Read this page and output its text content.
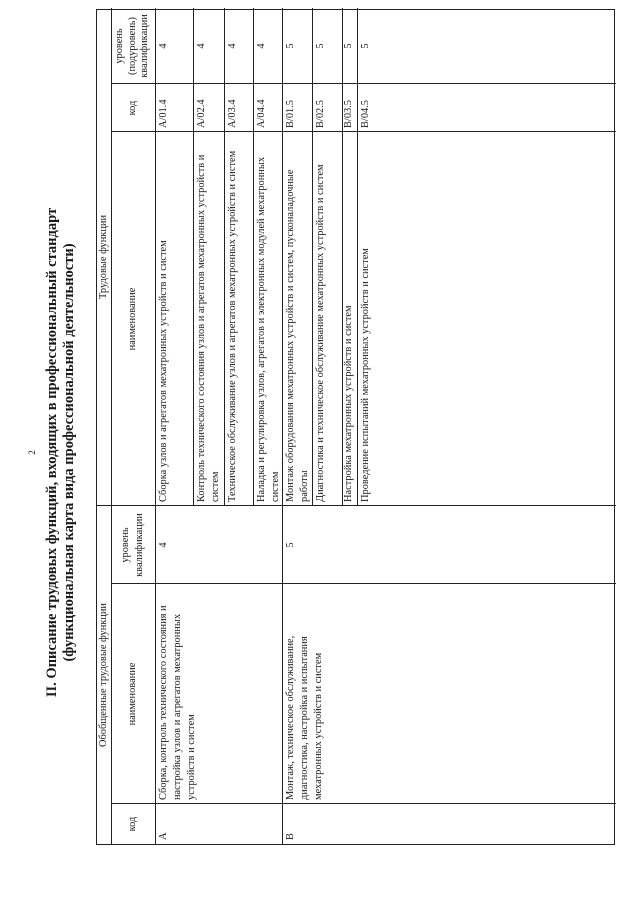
2 II. Описание трудовых функций, входящих в профессиональный стандарт (функциональная карта вида профессиональной деятельности)
Обобщенные трудовые функции
Трудовые функции
код
наименование
уровень квалификации
наименование
код
уровень (подуровень) квалификации
A
Сборка, контроль технического состояния и настройка узлов и агрегатов мехатронных устройств и систем
4
B
Монтаж, техническое обслуживание, диагностика, настройка и испытания мехатронных устройств и систем
5
Сборка узлов и агрегатов мехатронных устройств и систем
A/01.4
4
Контроль технического состояния узлов и агрегатов мехатронных устройств и систем
A/02.4
4
Техническое обслуживание узлов и агрегатов мехатронных устройств и систем
A/03.4
4
Наладка и регулировка узлов, агрегатов и электронных модулей мехатронных систем
A/04.4
4
Монтаж оборудования мехатронных устройств и систем, пусконаладочные работы
B/01.5
5
Диагностика и техническое обслуживание мехатронных устройств и систем
B/02.5
5
Настройка мехатронных устройств и систем
B/03.5
5
Проведение испытаний мехатронных устройств и систем
B/04.5
5
